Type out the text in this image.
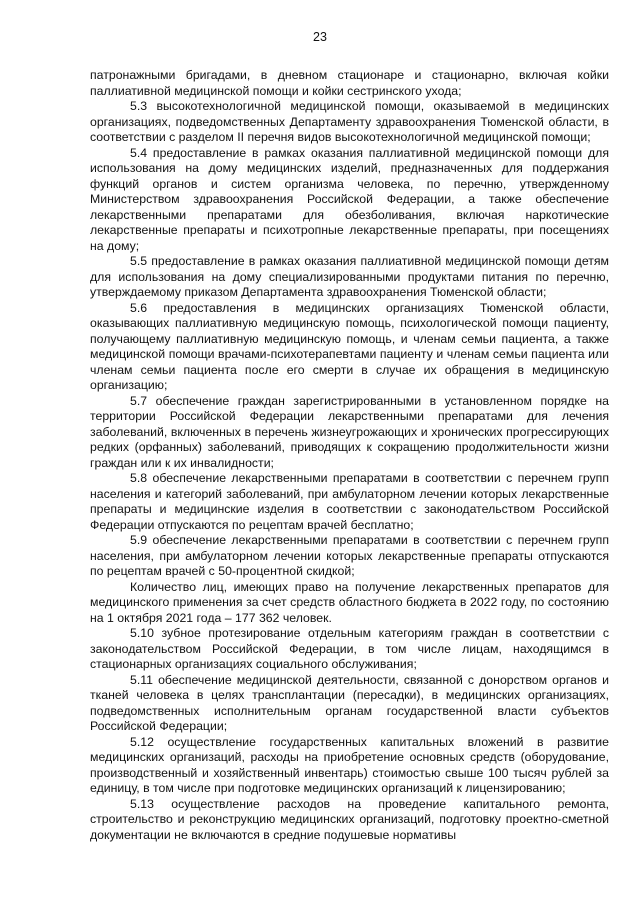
23

патронажными бригадами, в дневном стационаре и стационарно, включая койки паллиативной медицинской помощи и койки сестринского ухода;

5.3 высокотехнологичной медицинской помощи, оказываемой в медицинских организациях, подведомственных Департаменту здравоохранения Тюменской области, в соответствии с разделом II перечня видов высокотехнологичной медицинской помощи;

5.4 предоставление в рамках оказания паллиативной медицинской помощи для использования на дому медицинских изделий, предназначенных для поддержания функций органов и систем организма человека, по перечню, утвержденному Министерством здравоохранения Российской Федерации, а также обеспечение лекарственными препаратами для обезболивания, включая наркотические лекарственные препараты и психотропные лекарственные препараты, при посещениях на дому;

5.5 предоставление в рамках оказания паллиативной медицинской помощи детям для использования на дому специализированными продуктами питания по перечню, утверждаемому приказом Департамента здравоохранения Тюменской области;

5.6 предоставления в медицинских организациях Тюменской области, оказывающих паллиативную медицинскую помощь, психологической помощи пациенту, получающему паллиативную медицинскую помощь, и членам семьи пациента, а также медицинской помощи врачами-психотерапевтами пациенту и членам семьи пациента или членам семьи пациента после его смерти в случае их обращения в медицинскую организацию;

5.7 обеспечение граждан зарегистрированными в установленном порядке на территории Российской Федерации лекарственными препаратами для лечения заболеваний, включенных в перечень жизнеугрожающих и хронических прогрессирующих редких (орфанных) заболеваний, приводящих к сокращению продолжительности жизни граждан или к их инвалидности;

5.8 обеспечение лекарственными препаратами в соответствии с перечнем групп населения и категорий заболеваний, при амбулаторном лечении которых лекарственные препараты и медицинские изделия в соответствии с законодательством Российской Федерации отпускаются по рецептам врачей бесплатно;

5.9 обеспечение лекарственными препаратами в соответствии с перечнем групп населения, при амбулаторном лечении которых лекарственные препараты отпускаются по рецептам врачей с 50-процентной скидкой;

Количество лиц, имеющих право на получение лекарственных препаратов для медицинского применения за счет средств областного бюджета в 2022 году, по состоянию на 1 октября 2021 года – 177 362 человек.

5.10 зубное протезирование отдельным категориям граждан в соответствии с законодательством Российской Федерации, в том числе лицам, находящимся в стационарных организациях социального обслуживания;

5.11 обеспечение медицинской деятельности, связанной с донорством органов и тканей человека в целях трансплантации (пересадки), в медицинских организациях, подведомственных исполнительным органам государственной власти субъектов Российской Федерации;

5.12 осуществление государственных капитальных вложений в развитие медицинских организаций, расходы на приобретение основных средств (оборудование, производственный и хозяйственный инвентарь) стоимостью свыше 100 тысяч рублей за единицу, в том числе при подготовке медицинских организаций к лицензированию;

5.13 осуществление расходов на проведение капитального ремонта, строительство и реконструкцию медицинских организаций, подготовку проектно-сметной документации не включаются в средние подушевые нормативы
